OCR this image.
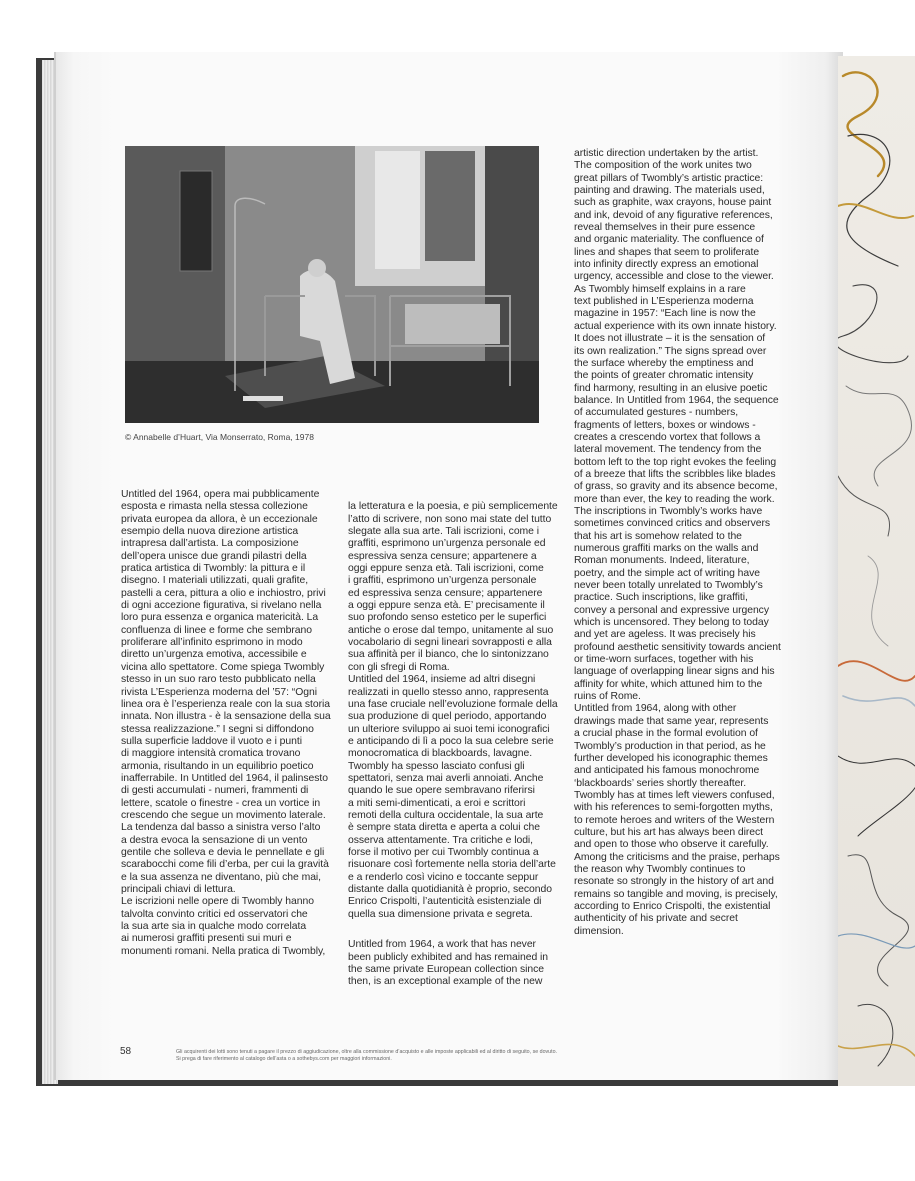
© Annabelle d’Huart, Via Monserrato, Roma, 1978
Untitled del 1964, opera mai pubblicamente
esposta e rimasta nella stessa collezione
privata europea da allora, è un eccezionale
esempio della nuova direzione artistica
intrapresa dall’artista. La composizione
dell’opera unisce due grandi pilastri della
pratica artistica di Twombly: la pittura e il
disegno. I materiali utilizzati, quali grafite,
pastelli a cera, pittura a olio e inchiostro, privi
di ogni accezione figurativa, si rivelano nella
loro pura essenza e organica matericità. La
confluenza di linee e forme che sembrano
proliferare all’infinito esprimono in modo
diretto un’urgenza emotiva, accessibile e
vicina allo spettatore. Come spiega Twombly
stesso in un suo raro testo pubblicato nella
rivista L’Esperienza moderna del ’57: “Ogni
linea ora è l’esperienza reale con la sua storia
innata. Non illustra - è la sensazione della sua
stessa realizzazione.” I segni si diffondono
sulla superficie laddove il vuoto e i punti
di maggiore intensità cromatica trovano
armonia, risultando in un equilibrio poetico
inafferrabile. In Untitled del 1964, il palinsesto
di gesti accumulati - numeri, frammenti di
lettere, scatole o finestre - crea un vortice in
crescendo che segue un movimento laterale.
La tendenza dal basso a sinistra verso l’alto
a destra evoca la sensazione di un vento
gentile che solleva e devia le pennellate e gli
scarabocchi come fili d’erba, per cui la gravità
e la sua assenza ne diventano, più che mai,
principali chiavi di lettura.
Le iscrizioni nelle opere di Twombly hanno
talvolta convinto critici ed osservatori che
la sua arte sia in qualche modo correlata
ai numerosi graffiti presenti sui muri e
monumenti romani. Nella pratica di Twombly,

la letteratura e la poesia, e più semplicemente
l’atto di scrivere, non sono mai state del tutto
slegate alla sua arte. Tali iscrizioni, come i
graffiti, esprimono un’urgenza personale ed
espressiva senza censure; appartenere a
oggi eppure senza età. Tali iscrizioni, come
i graffiti, esprimono un’urgenza personale
ed espressiva senza censure; appartenere
a oggi eppure senza età. E’ precisamente il
suo profondo senso estetico per le superfici
antiche o erose dal tempo, unitamente al suo
vocabolario di segni lineari sovrapposti e alla
sua affinità per il bianco, che lo sintonizzano
con gli sfregi di Roma.
Untitled del 1964, insieme ad altri disegni
realizzati in quello stesso anno, rappresenta
una fase cruciale nell’evoluzione formale della
sua produzione di quel periodo, apportando
un ulteriore sviluppo ai suoi temi iconografici
e anticipando di lì a poco la sua celebre serie
monocromatica di blackboards, lavagne.
Twombly ha spesso lasciato confusi gli
spettatori, senza mai averli annoiati. Anche
quando le sue opere sembravano riferirsi
a miti semi-dimenticati, a eroi e scrittori
remoti della cultura occidentale, la sua arte
è sempre stata diretta e aperta a colui che
osserva attentamente. Tra critiche e lodi,
forse il motivo per cui Twombly continua a
risuonare così fortemente nella storia dell’arte
e a renderlo così vicino e toccante seppur
distante dalla quotidianità è proprio, secondo
Enrico Crispolti, l’autenticità esistenziale di
quella sua dimensione privata e segreta.

Untitled from 1964, a work that has never
been publicly exhibited and has remained in
the same private European collection since
then, is an exceptional example of the new

artistic direction undertaken by the artist.
The composition of the work unites two
great pillars of Twombly’s artistic practice:
painting and drawing. The materials used,
such as graphite, wax crayons, house paint
and ink, devoid of any figurative references,
reveal themselves in their pure essence
and organic materiality. The confluence of
lines and shapes that seem to proliferate
into infinity directly express an emotional
urgency, accessible and close to the viewer.
As Twombly himself explains in a rare
text published in L’Esperienza moderna
magazine in 1957: “Each line is now the
actual experience with its own innate history.
It does not illustrate – it is the sensation of
its own realization.” The signs spread over
the surface whereby the emptiness and
the points of greater chromatic intensity
find harmony, resulting in an elusive poetic
balance. In Untitled from 1964, the sequence
of accumulated gestures - numbers,
fragments of letters, boxes or windows -
creates a crescendo vortex that follows a
lateral movement. The tendency from the
bottom left to the top right evokes the feeling
of a breeze that lifts the scribbles like blades
of grass, so gravity and its absence become,
more than ever, the key to reading the work.
The inscriptions in Twombly’s works have
sometimes convinced critics and observers
that his art is somehow related to the
numerous graffiti marks on the walls and
Roman monuments. Indeed, literature,
poetry, and the simple act of writing have
never been totally unrelated to Twombly’s
practice. Such inscriptions, like graffiti,
convey a personal and expressive urgency
which is uncensored. They belong to today
and yet are ageless. It was precisely his
profound aesthetic sensitivity towards ancient
or time-worn surfaces, together with his
language of overlapping linear signs and his
affinity for white, which attuned him to the
ruins of Rome.
Untitled from 1964, along with other
drawings made that same year, represents
a crucial phase in the formal evolution of
Twombly’s production in that period, as he
further developed his iconographic themes
and anticipated his famous monochrome
‘blackboards’ series shortly thereafter.
Twombly has at times left viewers confused,
with his references to semi-forgotten myths,
to remote heroes and writers of the Western
culture, but his art has always been direct
and open to those who observe it carefully.
Among the criticisms and the praise, perhaps
the reason why Twombly continues to
resonate so strongly in the history of art and
remains so tangible and moving, is precisely,
according to Enrico Crispolti, the existential
authenticity of his private and secret
dimension.
58	Gli acquirenti dei lotti sono tenuti a pagare il prezzo di aggiudicazione, oltre alla commissione d’acquisto e alle imposte applicabili ed al diritto di seguito, se dovuto.
Si prega di fare riferimento al catalogo dell’asta o a sothebys.com per maggiori informazioni.
